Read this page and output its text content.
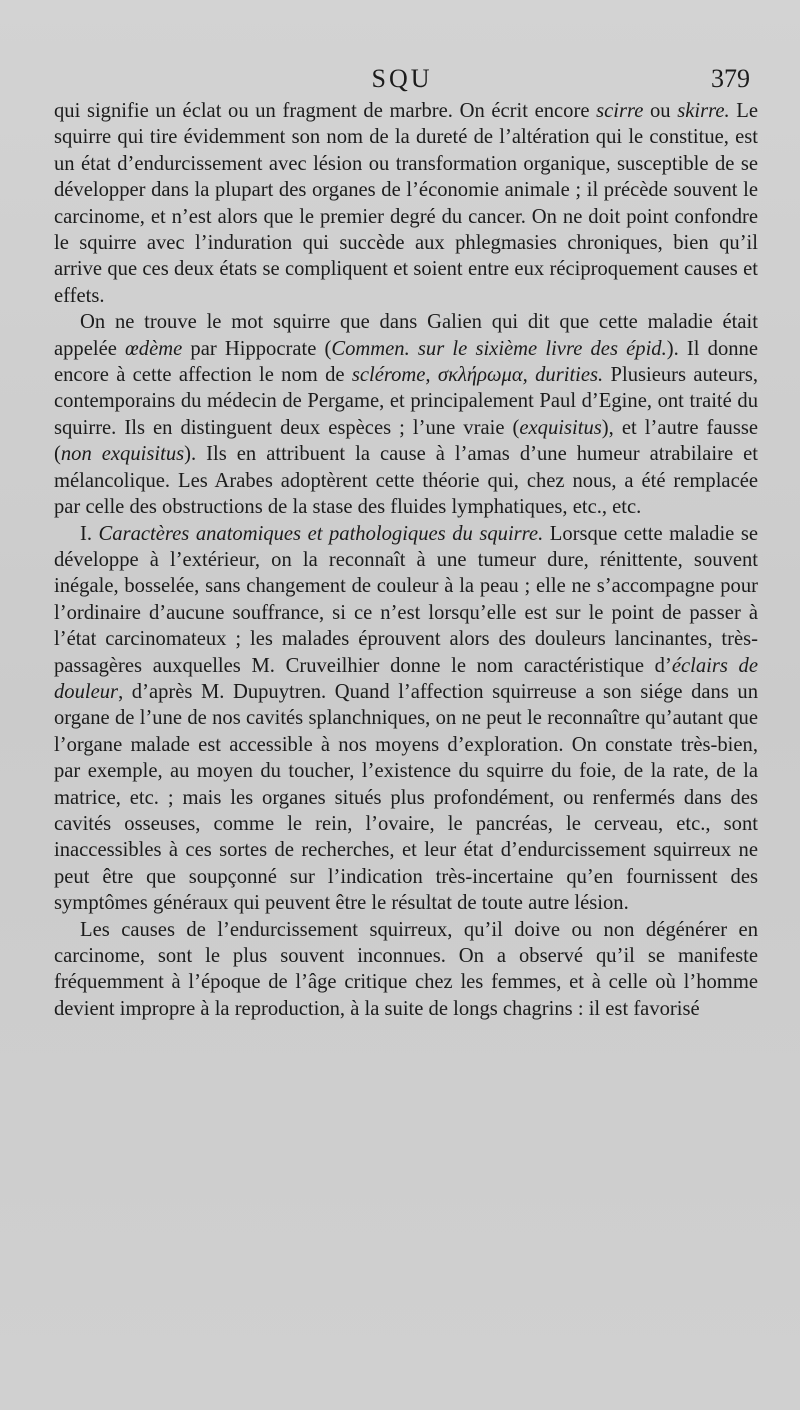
SQU	379

qui signifie un éclat ou un fragment de marbre. On écrit encore scirre ou skirre. Le squirre qui tire évidemment son nom de la dureté de l’altération qui le constitue, est un état d’endurcissement avec lésion ou transformation organique, susceptible de se développer dans la plupart des organes de l’économie animale ; il précède souvent le carcinome, et n’est alors que le premier degré du cancer. On ne doit point confondre le squirre avec l’induration qui succède aux phlegmasies chroniques, bien qu’il arrive que ces deux états se compliquent et soient entre eux réciproquement causes et effets.

On ne trouve le mot squirre que dans Galien qui dit que cette maladie était appelée œdème par Hippocrate (Commen. sur le sixième livre des épid.). Il donne encore à cette affection le nom de sclérome, σκλήρωμα, durities. Plusieurs auteurs, contemporains du médecin de Pergame, et principalement Paul d’Egine, ont traité du squirre. Ils en distinguent deux espèces ; l’une vraie (exquisitus), et l’autre fausse (non exquisitus). Ils en attribuent la cause à l’amas d’une humeur atrabilaire et mélancolique. Les Arabes adoptèrent cette théorie qui, chez nous, a été remplacée par celle des obstructions de la stase des fluides lymphatiques, etc., etc.

I. Caractères anatomiques et pathologiques du squirre. Lorsque cette maladie se développe à l’extérieur, on la reconnaît à une tumeur dure, rénittente, souvent inégale, bosselée, sans changement de couleur à la peau ; elle ne s’accompagne pour l’ordinaire d’aucune souffrance, si ce n’est lorsqu’elle est sur le point de passer à l’état carcinomateux ; les malades éprouvent alors des douleurs lancinantes, très-passagères auxquelles M. Cruveilhier donne le nom caractéristique d’éclairs de douleur, d’après M. Dupuytren. Quand l’affection squirreuse a son siége dans un organe de l’une de nos cavités splanchniques, on ne peut le reconnaître qu’autant que l’organe malade est accessible à nos moyens d’exploration. On constate très-bien, par exemple, au moyen du toucher, l’existence du squirre du foie, de la rate, de la matrice, etc. ; mais les organes situés plus profondément, ou renfermés dans des cavités osseuses, comme le rein, l’ovaire, le pancréas, le cerveau, etc., sont inaccessibles à ces sortes de recherches, et leur état d’endurcissement squirreux ne peut être que soupçonné sur l’indication très-incertaine qu’en fournissent des symptômes généraux qui peuvent être le résultat de toute autre lésion.

Les causes de l’endurcissement squirreux, qu’il doive ou non dégénérer en carcinome, sont le plus souvent inconnues. On a observé qu’il se manifeste fréquemment à l’époque de l’âge critique chez les femmes, et à celle où l’homme devient impropre à la reproduction, à la suite de longs chagrins : il est favorisé
